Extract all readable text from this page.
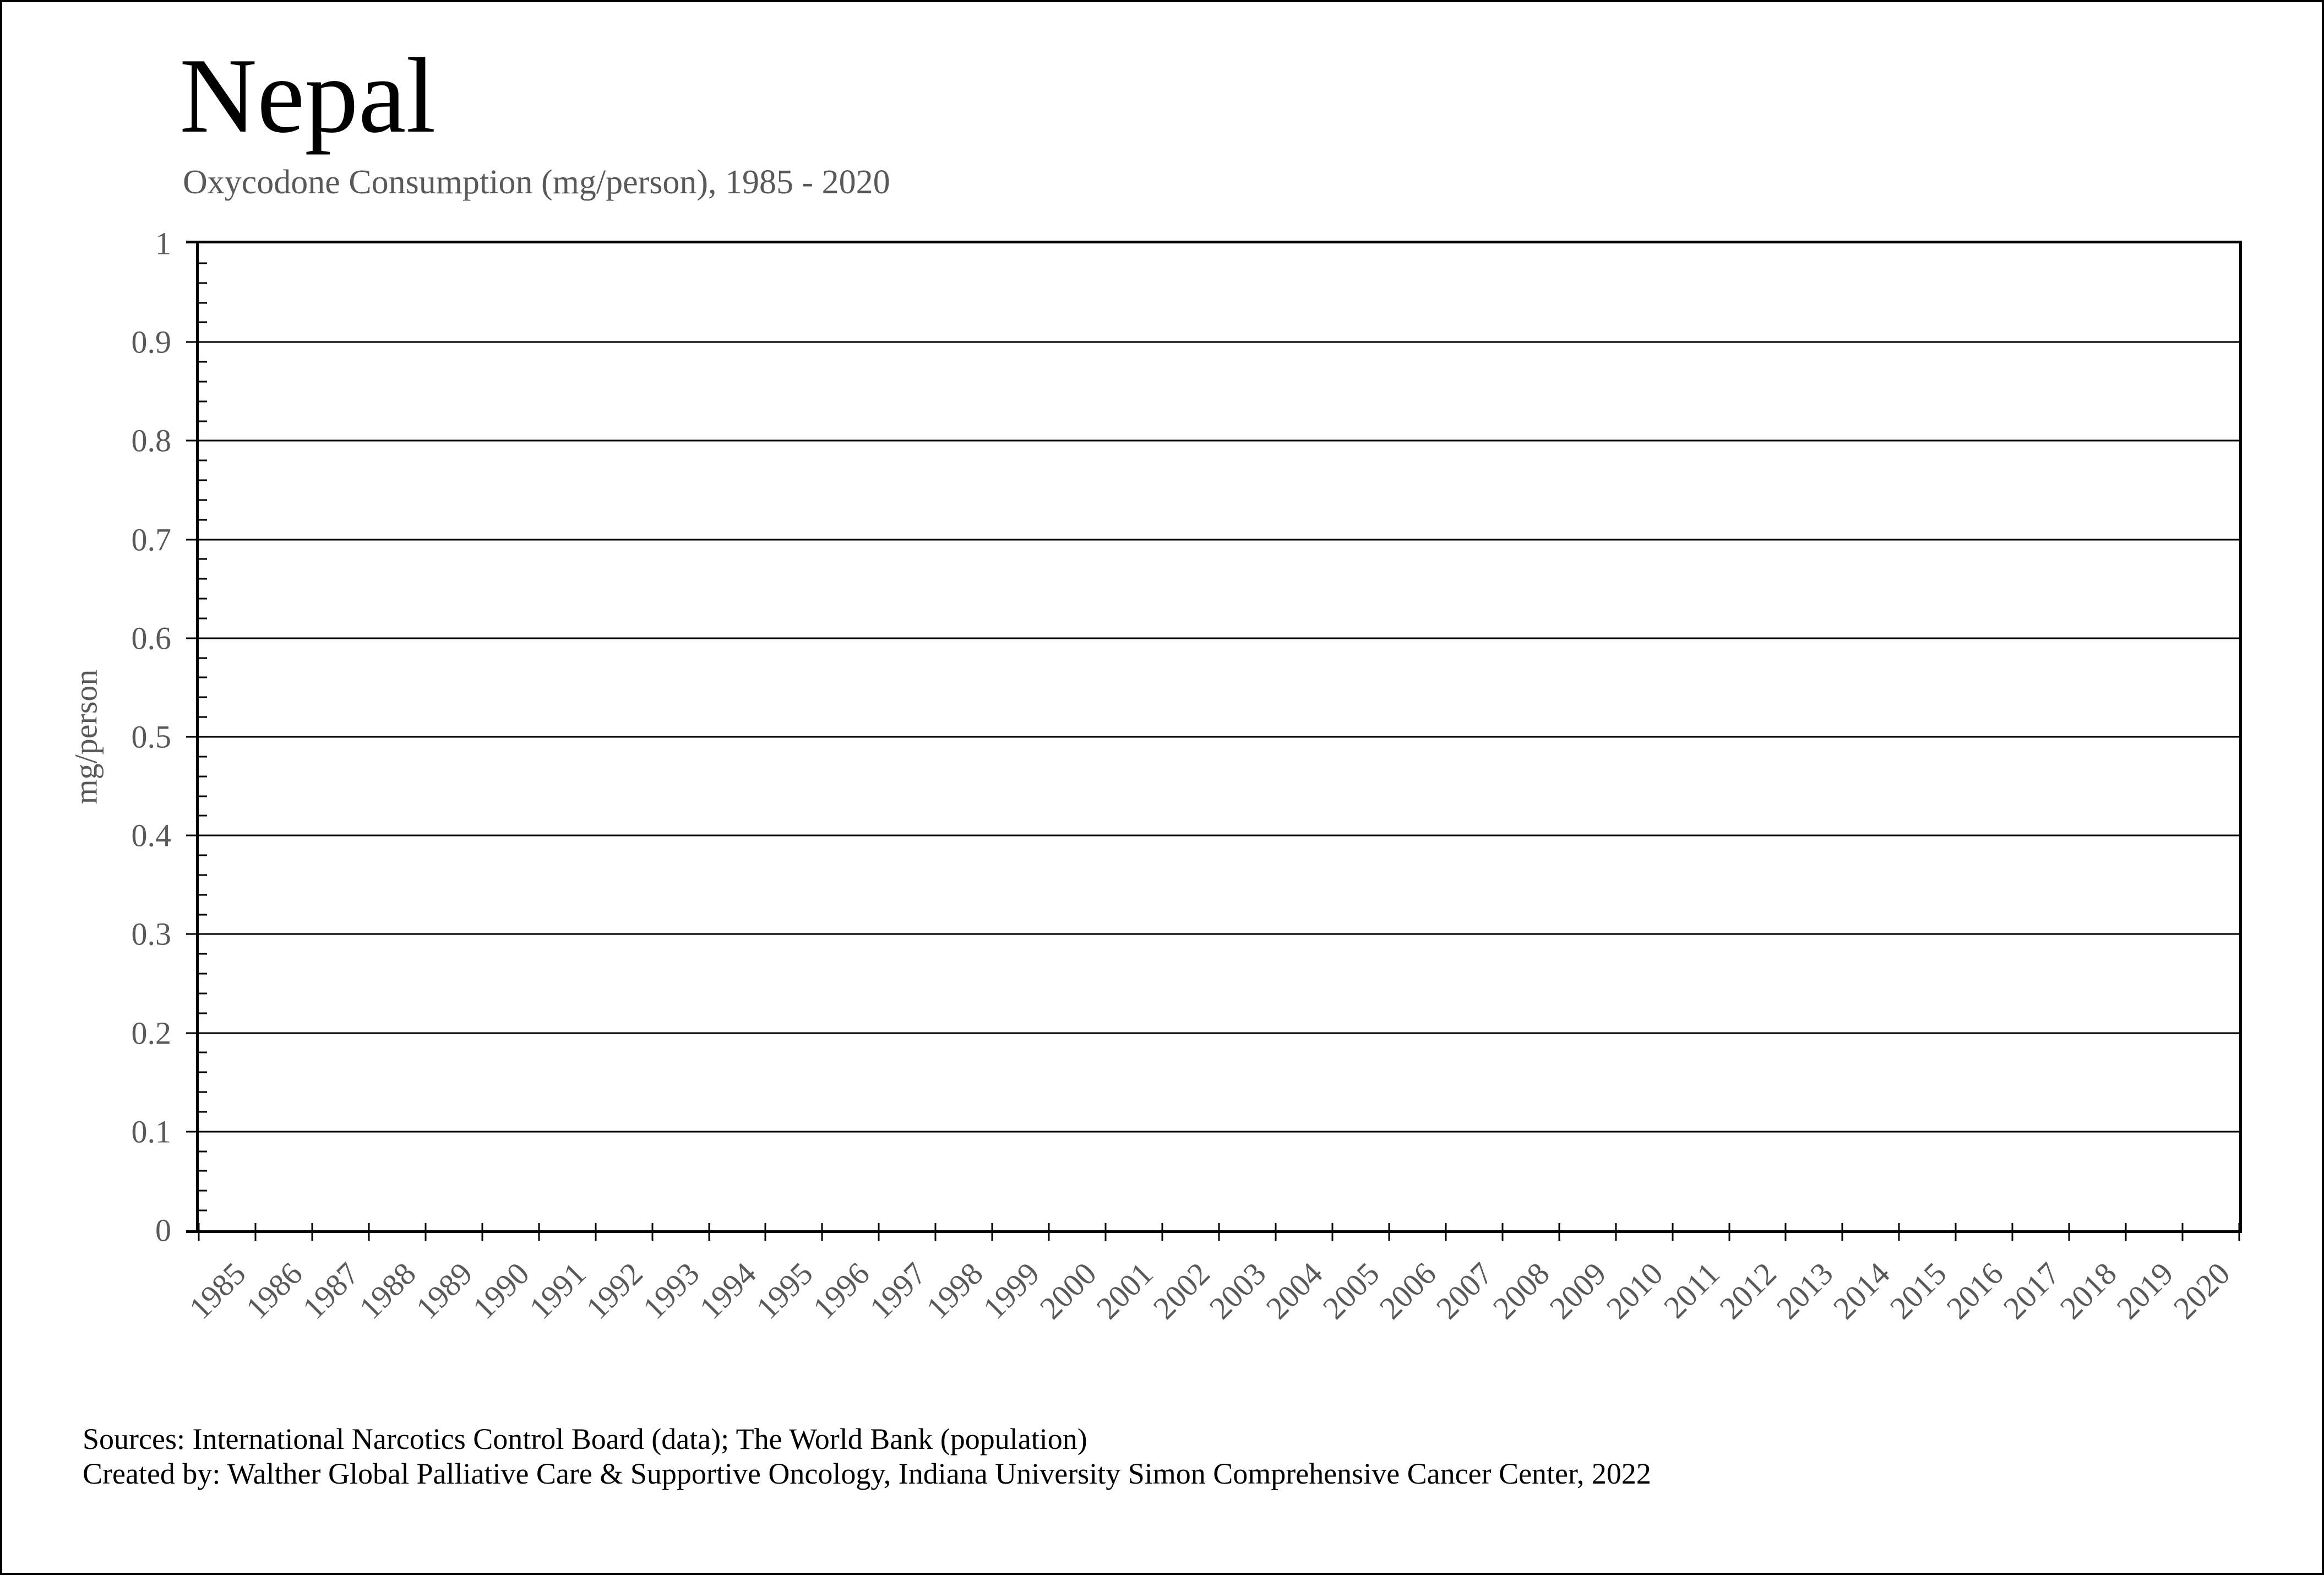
Nepal
Oxycodone Consumption (mg/person), 1985 - 2020
mg/person
1
0.9
0.8
0.7
0.6
0.5
0.4
0.3
0.2
0.1
0
1985
1986
1987
1988
1989
1990
1991
1992
1993
1994
1995
1996
1997
1998
1999
2000
2001
2002
2003
2004
2005
2006
2007
2008
2009
2010
2011
2012
2013
2014
2015
2016
2017
2018
2019
2020
Sources: International Narcotics Control Board (data); The World Bank (population)
Created by: Walther Global Palliative Care & Supportive Oncology, Indiana University Simon Comprehensive Cancer Center, 2022
